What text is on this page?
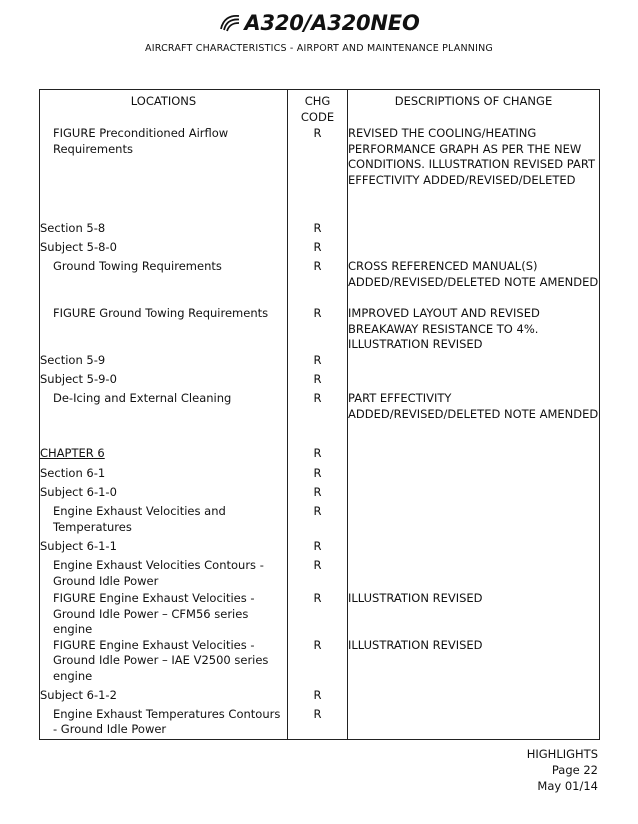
A320/A320NEO
AIRCRAFT CHARACTERISTICS - AIRPORT AND MAINTENANCE PLANNING
LOCATIONS	CHG CODE	DESCRIPTIONS OF CHANGE
FIGURE Preconditioned Airflow Requirements	R	REVISED THE COOLING/HEATING PERFORMANCE GRAPH AS PER THE NEW CONDITIONS. ILLUSTRATION REVISED PART EFFECTIVITY ADDED/REVISED/DELETED
Section 5-8	R	
Subject 5-8-0	R	
Ground Towing Requirements	R	CROSS REFERENCED MANUAL(S) ADDED/REVISED/DELETED NOTE AMENDED
FIGURE Ground Towing Requirements	R	IMPROVED LAYOUT AND REVISED BREAKAWAY RESISTANCE TO 4%. ILLUSTRATION REVISED
Section 5-9	R	
Subject 5-9-0	R	
De-Icing and External Cleaning	R	PART EFFECTIVITY ADDED/REVISED/DELETED NOTE AMENDED
CHAPTER 6	R	
Section 6-1	R	
Subject 6-1-0	R	
Engine Exhaust Velocities and Temperatures	R	
Subject 6-1-1	R	
Engine Exhaust Velocities Contours - Ground Idle Power	R	
FIGURE Engine Exhaust Velocities - Ground Idle Power – CFM56 series engine	R	ILLUSTRATION REVISED
FIGURE Engine Exhaust Velocities - Ground Idle Power – IAE V2500 series engine	R	ILLUSTRATION REVISED
Subject 6-1-2	R	
Engine Exhaust Temperatures Contours - Ground Idle Power	R	
HIGHLIGHTS
Page 22
May 01/14
